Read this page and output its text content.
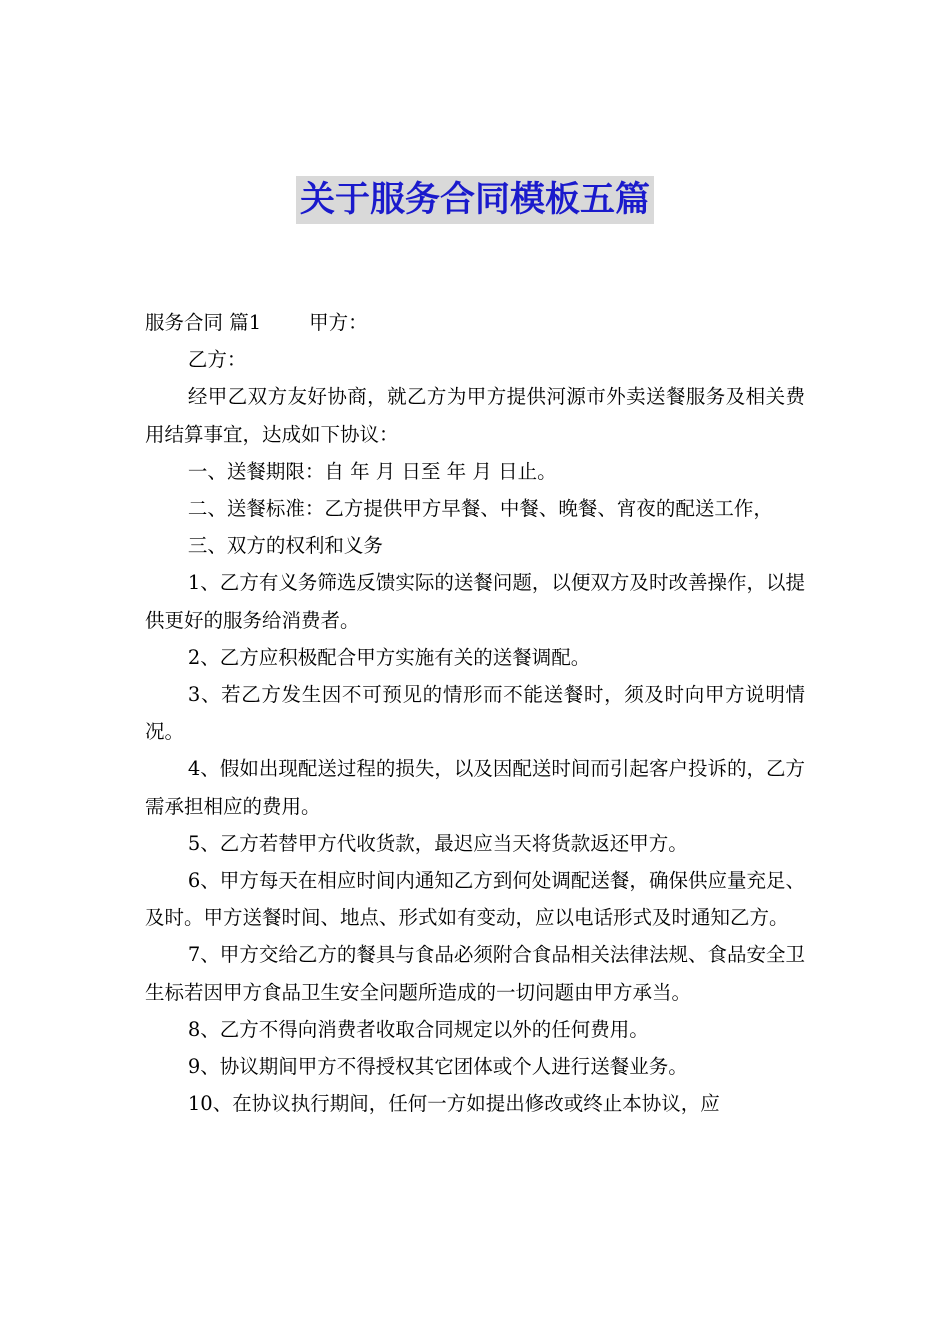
关于服务合同模板五篇

服务合同 篇1 甲方：

乙方：

经甲乙双方友好协商，就乙方为甲方提供河源市外卖送餐服务及相关费用结算事宜，达成如下协议：

一、送餐期限：自 年 月 日至 年 月 日止。

二、送餐标准：乙方提供甲方早餐、中餐、晚餐、宵夜的配送工作，

三、双方的权利和义务

1、乙方有义务筛选反馈实际的送餐问题，以便双方及时改善操作，以提供更好的服务给消费者。

2、乙方应积极配合甲方实施有关的送餐调配。

3、若乙方发生因不可预见的情形而不能送餐时，须及时向甲方说明情况。

4、假如出现配送过程的损失，以及因配送时间而引起客户投诉的，乙方需承担相应的费用。

5、乙方若替甲方代收货款，最迟应当天将货款返还甲方。

6、甲方每天在相应时间内通知乙方到何处调配送餐，确保供应量充足、及时。甲方送餐时间、地点、形式如有变动，应以电话形式及时通知乙方。

7、甲方交给乙方的餐具与食品必须附合食品相关法律法规、食品安全卫生标若因甲方食品卫生安全问题所造成的一切问题由甲方承当。

8、乙方不得向消费者收取合同规定以外的任何费用。

9、协议期间甲方不得授权其它团体或个人进行送餐业务。

10、在协议执行期间，任何一方如提出修改或终止本协议，应
